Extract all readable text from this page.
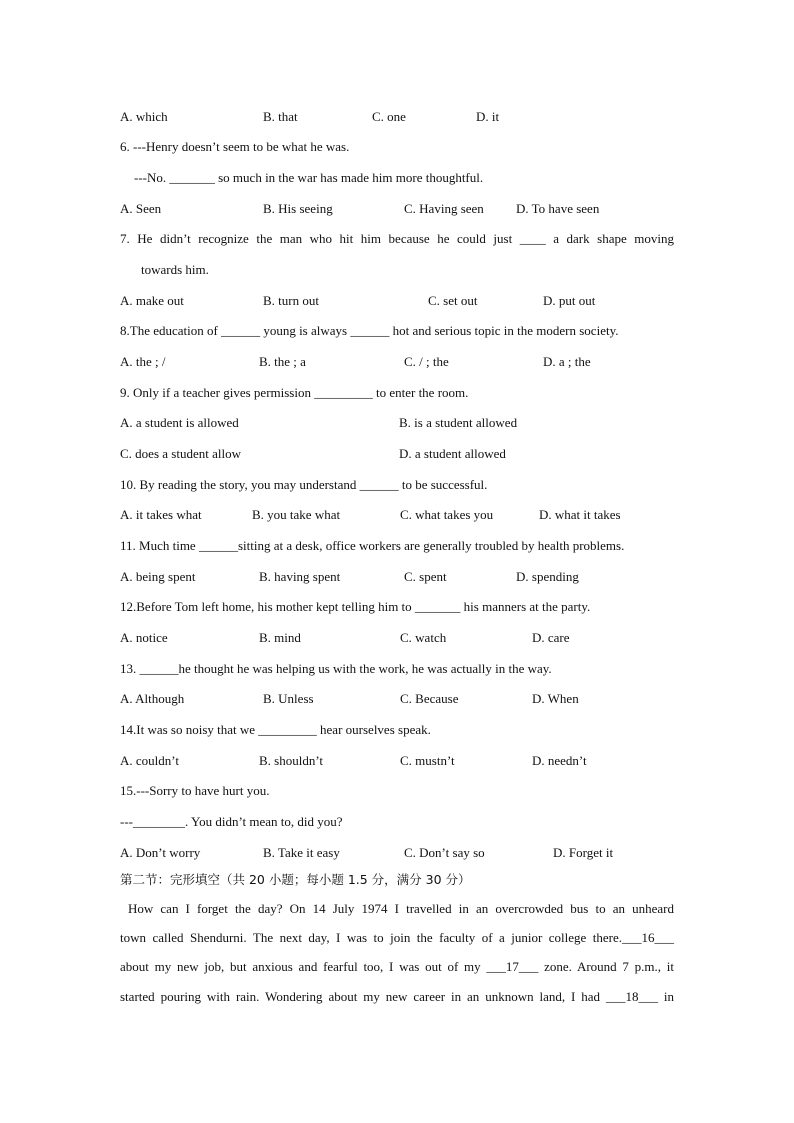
A. which	B. that	C. one	D. it
6. ---Henry doesn’t seem to be what he was.
---No. _______ so much in the war has made him more thoughtful.
A. Seen	B. His seeing	C. Having seen D. To have seen
7. He didn’t recognize the man who hit him because he could just ____ a dark shape moving
towards him.
A. make out	B. turn out	C. set out	D. put out
8.The education of ______ young is always ______ hot and serious topic in the modern society.
A. the ; /	B. the ; a	C. / ; the	D. a ; the
9. Only if a teacher gives permission _________ to enter the room.
A. a student is allowed	B. is a student allowed
C. does a student allow	D. a student allowed
10. By reading the story, you may understand ______ to be successful.
A. it takes what	B. you take what	C. what takes you	D. what it takes
11. Much time ______sitting at a desk, office workers are generally troubled by health problems.
A. being spent	B. having spent	C. spent	D. spending
12.Before Tom left home, his mother kept telling him to _______ his manners at the party.
A. notice	B. mind	C. watch	D. care
13. ______he thought he was helping us with the work, he was actually in the way.
A. Although	B. Unless	C. Because	D. When
14.It was so noisy that we _________ hear ourselves speak.
A. couldn’t	B. shouldn’t	C. mustn’t	D. needn’t
15.---Sorry to have hurt you.
---________. You didn’t mean to, did you?
A. Don’t worry	B. Take it easy	C. Don’t say so	D. Forget it
第二节：完形填空（共 20 小题；每小题 1.5 分，满分 30 分）
How can I forget the day? On 14 July 1974 I travelled in an overcrowded bus to an unheard
town called Shendurni. The next day, I was to join the faculty of a junior college there.___16___
about my new job, but anxious and fearful too, I was out of my ___17___ zone. Around 7 p.m., it
started pouring with rain. Wondering about my new career in an unknown land, I had ___18___ in
